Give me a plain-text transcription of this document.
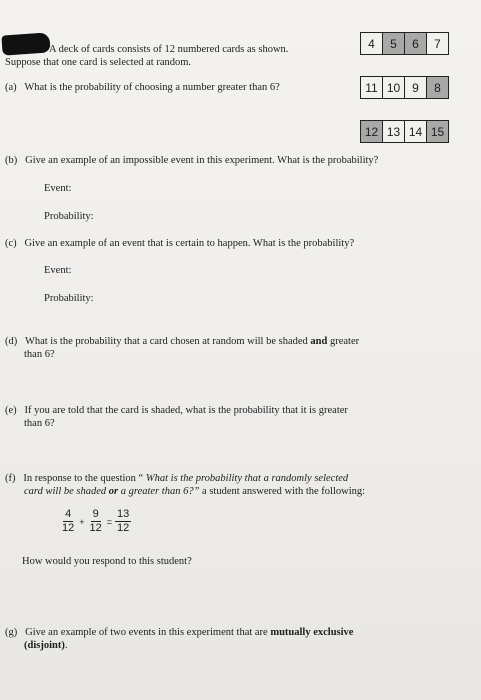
A deck of cards consists of 12 numbered cards as shown.
Suppose that one card is selected at random.
4	5	6	7

11	10	9	8

12	13	14	15
(a) What is the probability of choosing a number greater than 6?
(b) Give an example of an impossible event in this experiment. What is the probability?
Event:
Probability:
(c) Give an example of an event that is certain to happen. What is the probability?
Event:
Probability:
(d) What is the probability that a card chosen at random will be shaded and greater
than 6?
(e) If you are told that the card is shaded, what is the probability that it is greater
than 6?
(f) In response to the question “ What is the probability that a randomly selected
card will be shaded or a greater than 6?” a student answered with the following:
$\frac{4}{12} + \frac{9}{12} = \frac{13}{12}$
How would you respond to this student?
(g) Give an example of two events in this experiment that are mutually exclusive
(disjoint).
